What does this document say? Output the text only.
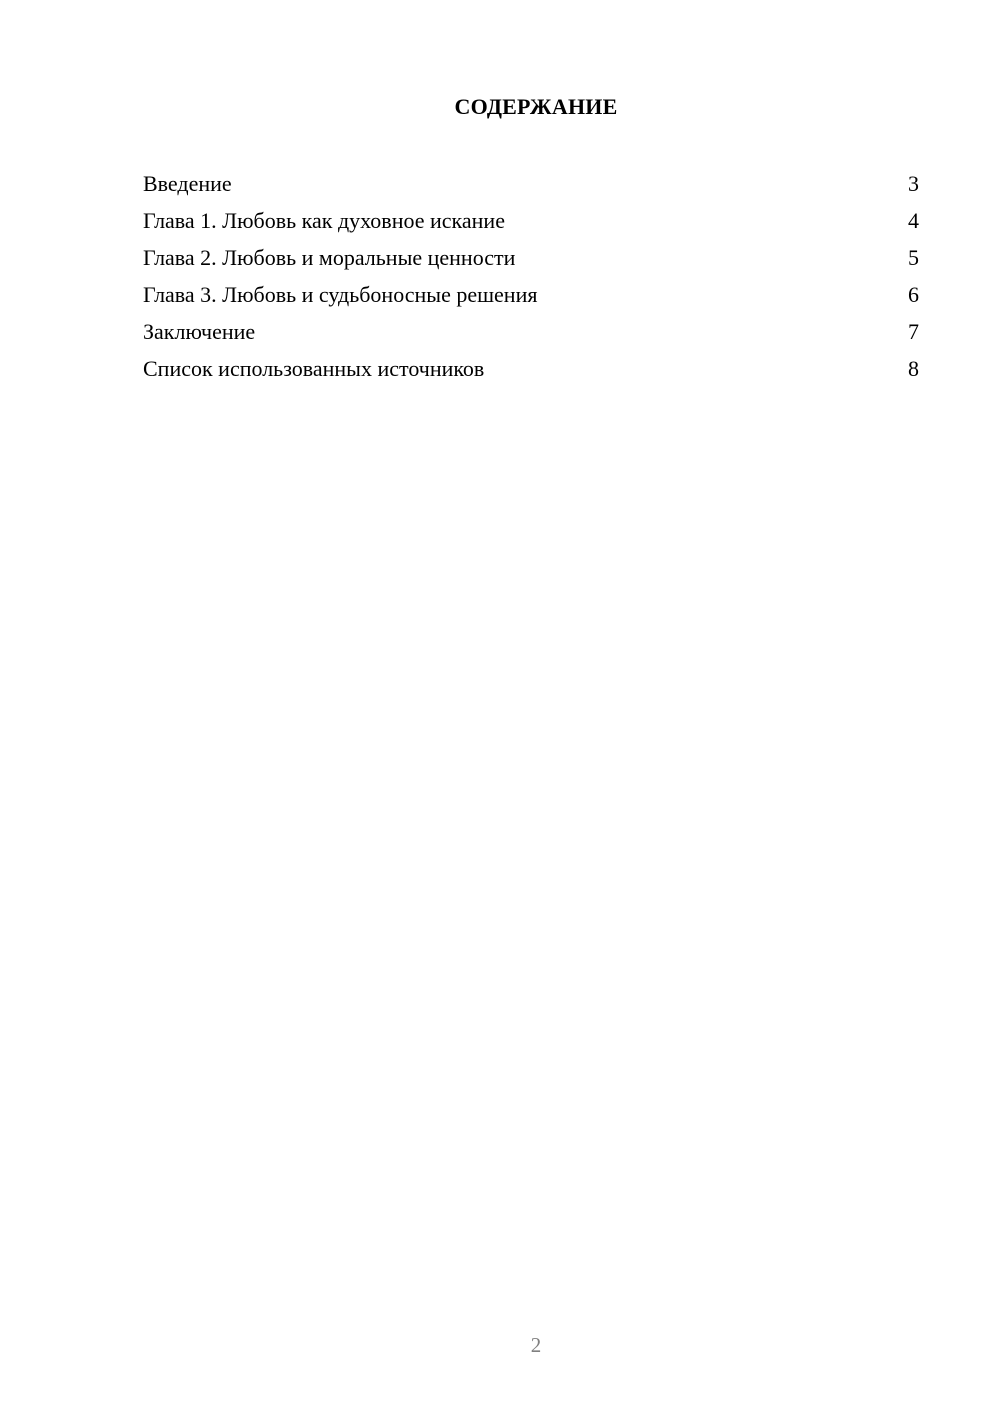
СОДЕРЖАНИЕ
Введение	3
Глава 1. Любовь как духовное искание	4
Глава 2. Любовь и моральные ценности	5
Глава 3. Любовь и судьбоносные решения	6
Заключение	7
Список использованных источников	8
2
